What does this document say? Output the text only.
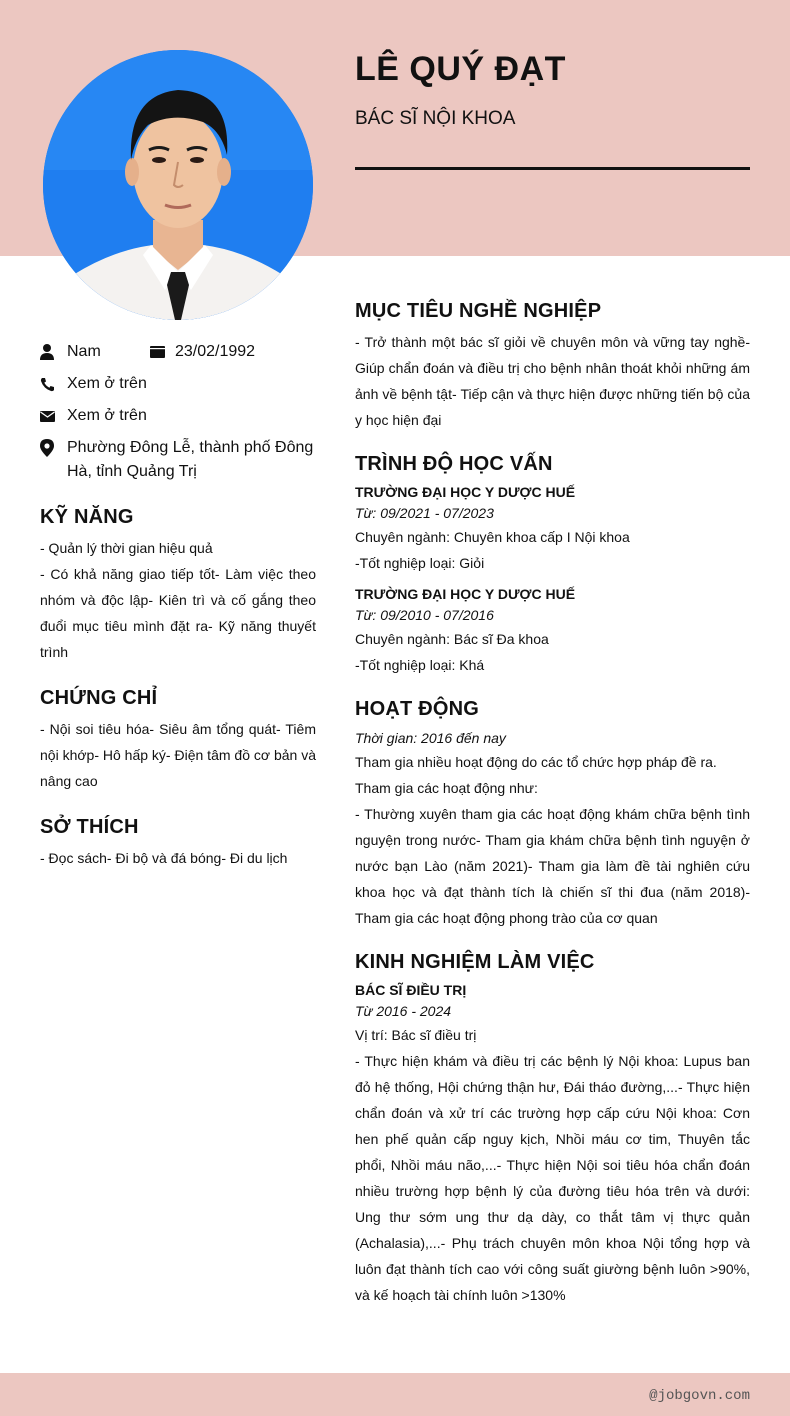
LÊ QUÝ ĐẠT
BÁC SĨ NỘI KHOA
Nam	23/02/1992
Xem ở trên
Xem ở trên
Phường Đông Lễ, thành phố Đông Hà, tỉnh Quảng Trị
KỸ NĂNG

- Quản lý thời gian hiệu quả

- Có khả năng giao tiếp tốt- Làm việc theo nhóm và độc lập- Kiên trì và cố gắng theo đuổi mục tiêu mình đặt ra- Kỹ năng thuyết trình

CHỨNG CHỈ
- Nội soi tiêu hóa- Siêu âm tổng quát- Tiêm nội khớp- Hô hấp ký- Điện tâm đồ cơ bản và nâng cao
SỞ THÍCH
- Đọc sách- Đi bộ và đá bóng- Đi du lịch
MỤC TIÊU NGHỀ NGHIỆP
- Trở thành một bác sĩ giỏi về chuyên môn và vững tay nghề- Giúp chẩn đoán và điều trị cho bệnh nhân thoát khỏi những ám ảnh về bệnh tật- Tiếp cận và thực hiện được những tiến bộ của y học hiện đại
TRÌNH ĐỘ HỌC VẤN
TRƯỜNG ĐẠI HỌC Y DƯỢC HUẾ
Từ: 09/2021 - 07/2023
Chuyên ngành: Chuyên khoa cấp I Nội khoa
-Tốt nghiệp loại: Giỏi
TRƯỜNG ĐẠI HỌC Y DƯỢC HUẾ
Từ: 09/2010 - 07/2016
Chuyên ngành: Bác sĩ Đa khoa
-Tốt nghiệp loại: Khá
HOẠT ĐỘNG
Thời gian: 2016 đến nay
Tham gia nhiều hoạt động do các tổ chức hợp pháp đề ra.
Tham gia các hoạt động như:
- Thường xuyên tham gia các hoạt động khám chữa bệnh tình nguyện trong nước- Tham gia khám chữa bệnh tình nguyện ở nước bạn Lào (năm 2021)- Tham gia làm đề tài nghiên cứu khoa học và đạt thành tích là chiến sĩ thi đua (năm 2018)- Tham gia các hoạt động phong trào của cơ quan
KINH NGHIỆM LÀM VIỆC
BÁC SĨ ĐIỀU TRỊ
Từ 2016 - 2024
Vị trí: Bác sĩ điều trị
- Thực hiện khám và điều trị các bệnh lý Nội khoa: Lupus ban đỏ hệ thống, Hội chứng thận hư, Đái tháo đường,...- Thực hiện chẩn đoán và xử trí các trường hợp cấp cứu Nội khoa: Cơn hen phế quản cấp nguy kịch, Nhồi máu cơ tim, Thuyên tắc phổi, Nhồi máu não,...- Thực hiện Nội soi tiêu hóa chẩn đoán nhiều trường hợp bệnh lý của đường tiêu hóa trên và dưới: Ung thư sớm ung thư dạ dày, co thắt tâm vị thực quản (Achalasia),...- Phụ trách chuyên môn khoa Nội tổng hợp và luôn đạt thành tích cao với công suất giường bệnh luôn >90%, và kế hoạch tài chính luôn >130%
@jobgovn.com
